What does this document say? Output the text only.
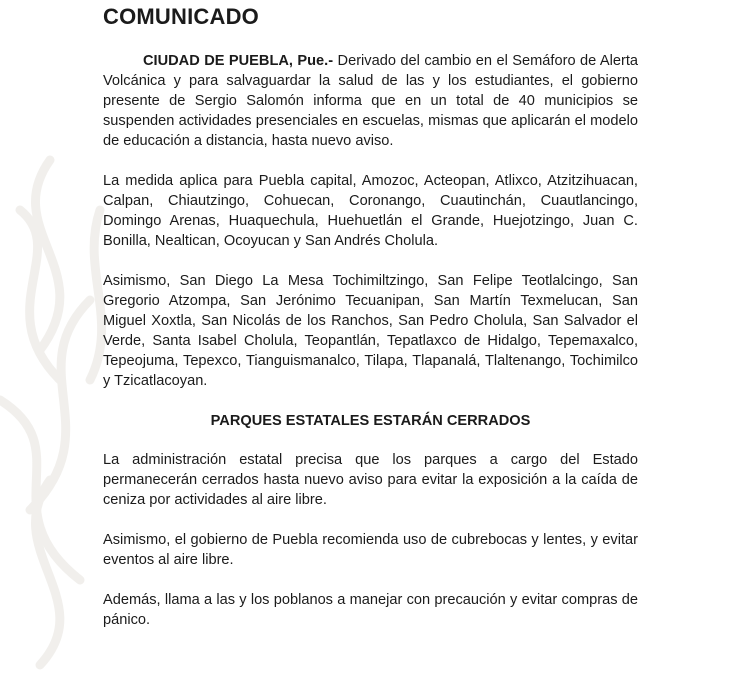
COMUNICADO

CIUDAD DE PUEBLA, Pue.- Derivado del cambio en el Semáforo de Alerta Volcánica y para salvaguardar la salud de las y los estudiantes, el gobierno presente de Sergio Salomón informa que en un total de 40 municipios se suspenden actividades presenciales en escuelas, mismas que aplicarán el modelo de educación a distancia, hasta nuevo aviso.

La medida aplica para Puebla capital, Amozoc, Acteopan, Atlixco, Atzitzihuacan, Calpan, Chiautzingo, Cohuecan, Coronango, Cuautinchán, Cuautlancingo, Domingo Arenas, Huaquechula, Huehuetlán el Grande, Huejotzingo, Juan C. Bonilla, Nealtican, Ocoyucan y San Andrés Cholula.

Asimismo, San Diego La Mesa Tochimiltzingo, San Felipe Teotlalcingo, San Gregorio Atzompa, San Jerónimo Tecuanipan, San Martín Texmelucan, San Miguel Xoxtla, San Nicolás de los Ranchos, San Pedro Cholula, San Salvador el Verde, Santa Isabel Cholula, Teopantlán, Tepatlaxco de Hidalgo, Tepemaxalco, Tepeojuma, Tepexco, Tianguismanalco, Tilapa, Tlapanalá, Tlaltenango, Tochimilco y Tzicatlacoyan.

PARQUES ESTATALES ESTARÁN CERRADOS

La administración estatal precisa que los parques a cargo del Estado permanecerán cerrados hasta nuevo aviso para evitar la exposición a la caída de ceniza por actividades al aire libre.

Asimismo, el gobierno de Puebla recomienda uso de cubrebocas y lentes, y evitar eventos al aire libre.

Además, llama a las y los poblanos a manejar con precaución y evitar compras de pánico.
